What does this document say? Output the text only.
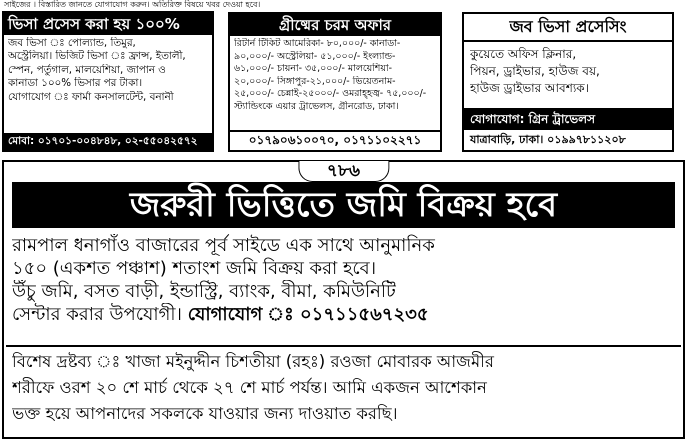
সাইজের । বিস্তারিত জানতে যোগাযোগ করুন। অতিরিক্ত বিষয়ে খবর দেওয়া হবে।
ভিসা প্রসেস করা হয় ১০০%
জব ভিসা ঃ পোল্যান্ড, তিমুর,
অস্ট্রেলিয়া। ভিজিট ভিসা ঃ ফ্রান্স, ইতালী,
স্পেন, পর্তুগাল, মালয়েশিয়া, জাপান ও
কানাডা ১০০% ভিসার পর টাকা।
যোগাযোগ ঃ ফার্মা কনসালটেন্ট, বনানী
মোবা: ০১৭০১-০০৪৮৪৮, ০২-৫৫০৪২৫৭২
গ্রীষ্মের চরম অফার
রিটার্ন টিকিট আমেরিকা- ৮০,০০০/- কানাডা-
৯০,০০০/- অস্ট্রেলিয়া- ৫১,০০০/- ইংল্যান্ড-
৬১,০০০/- চায়না- ৩৫,০০০/- মালয়েশিয়া-
২০,০০০/- সিঙ্গাপুর-২১,০০০/- ভিয়েতনাম-
২৫,০০০/- চেন্নাই-২৫০০০/- ওমরাহ্‌হজ্ব- ৭৫,০০০/-
স্ট্যান্ডিংকে এয়ার ট্রাভেলস, গ্রীনরোড, ঢাকা।
০১৭৯০৬১০০৭০, ০১৭১১০২২৭১
জব ভিসা প্রসেসিং
কুয়েতে অফিস ক্লিনার,
পিয়ন, ড্রাইভার, হাউজ বয়,
হাউজ ড্রাইভার আবশ্যক।
যোগাযোগ: গ্রিন ট্রাভেলস
যাত্রাবাড়ি, ঢাকা। ০১৯৯৭৮১১২০৮
৭৮৬
জরুরী ভিত্তিতে জমি বিক্রয় হবে
রামপাল ধনাগাঁও বাজারের পূর্ব সাইডে এক সাথে আনুমানিক
১৫০ (একশত পঞ্চাশ) শতাংশ জমি বিক্রয় করা হবে।
উঁচু জমি, বসত বাড়ী, ইন্ডাস্ট্রি, ব্যাংক, বীমা, কমিউনিটি
সেন্টার করার উপযোগী। যোগাযোগ ঃ ০১৭১১৫৬৭২৩৫
বিশেষ দ্রষ্টব্য ঃ খাজা মইনুদ্দীন চিশতীয়া (রহঃ) রওজা মোবারক আজমীর
শরীফে ওরশ ২০ শে মার্চ থেকে ২৭ শে মার্চ পর্যন্ত। আমি একজন আশেকান
ভক্ত হয়ে আপনাদের সকলকে যাওয়ার জন্য দাওয়াত করছি।
